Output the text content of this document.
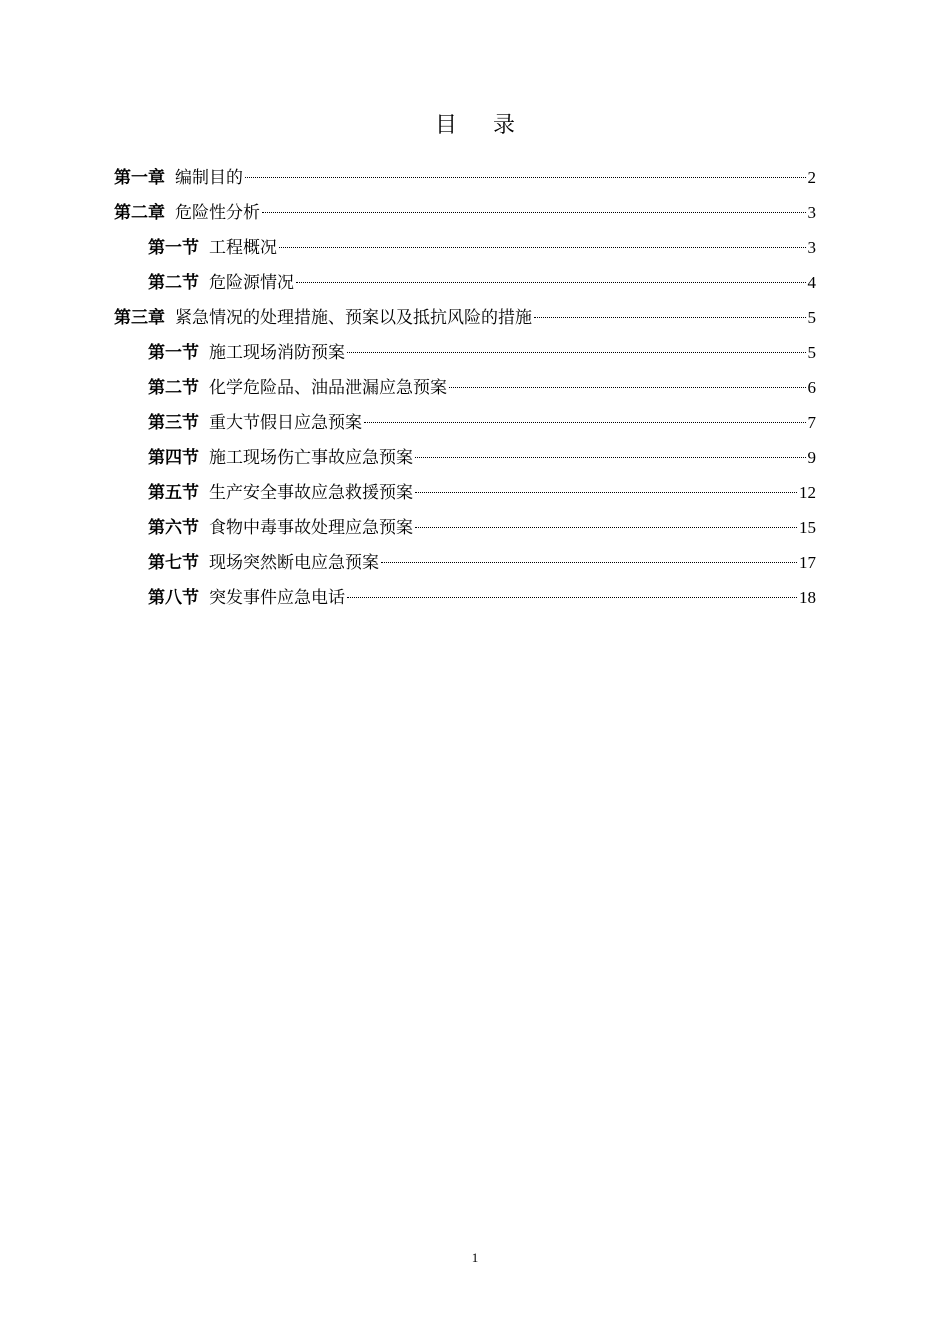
目 录
第一章 编制目的	2
第二章 危险性分析	3
第一节 工程概况	3
第二节 危险源情况	4
第三章 紧急情况的处理措施、预案以及抵抗风险的措施	5
第一节 施工现场消防预案	5
第二节 化学危险品、油品泄漏应急预案	6
第三节 重大节假日应急预案	7
第四节 施工现场伤亡事故应急预案	9
第五节 生产安全事故应急救援预案	12
第六节 食物中毒事故处理应急预案	15
第七节 现场突然断电应急预案	17
第八节 突发事件应急电话	18
1
